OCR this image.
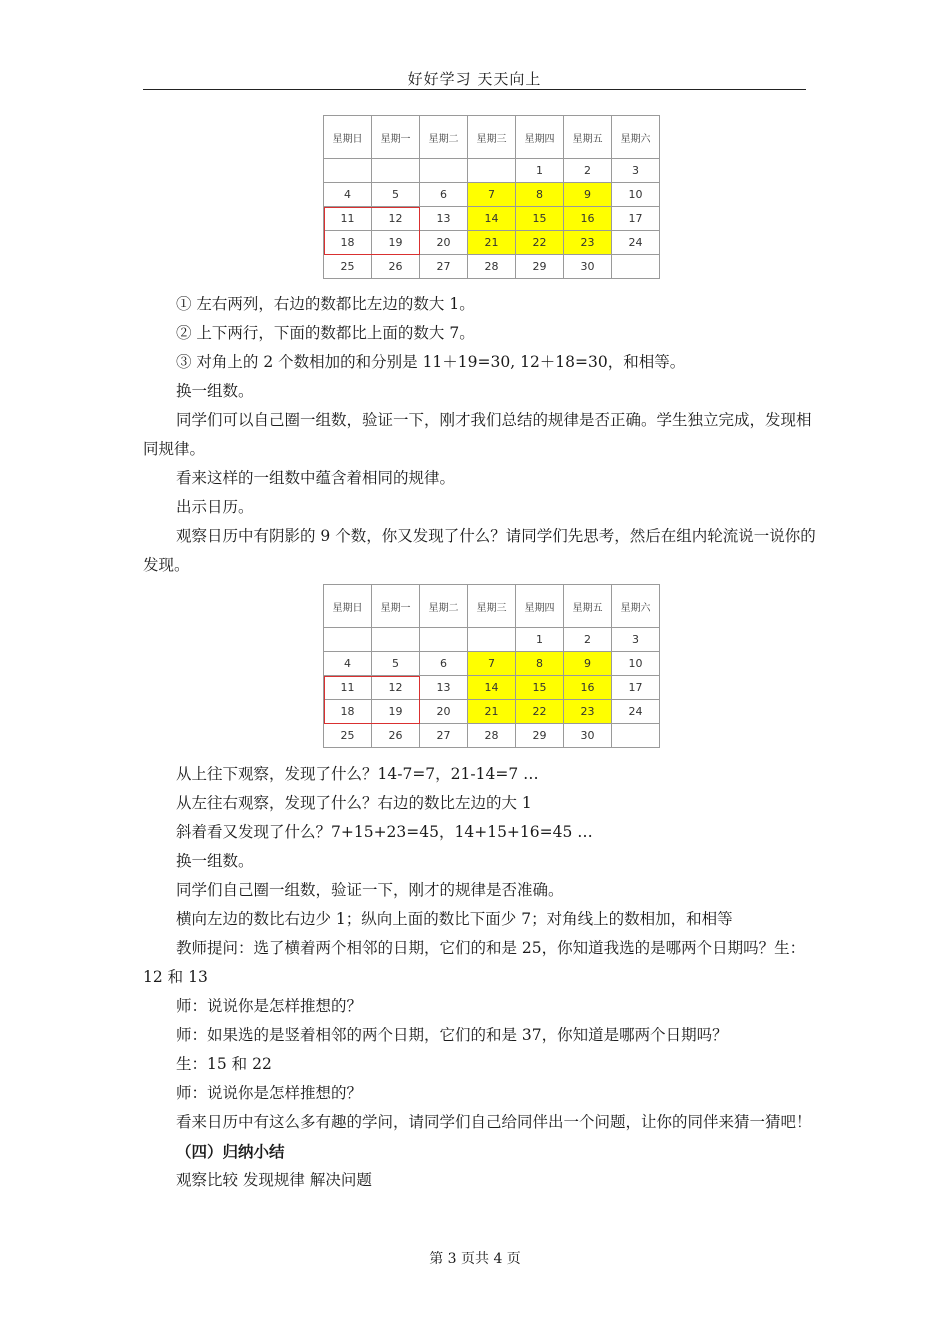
好好学习 天天向上
星期日	星期一	星期二	星期三	星期四	星期五	星期六
				1	2	3
4	5	6	7	8	9	10
11	12	13	14	15	16	17
18	19	20	21	22	23	24
25	26	27	28	29	30	

① 左右两列，右边的数都比左边的数大 1。

② 上下两行，下面的数都比上面的数大 7。

③ 对角上的 2 个数相加的和分别是 11＋19=30, 12＋18=30，和相等。

换一组数。

同学们可以自己圈一组数，验证一下，刚才我们总结的规律是否正确。学生独立完成，发现相同规律。

看来这样的一组数中蕴含着相同的规律。

出示日历。

观察日历中有阴影的 9 个数，你又发现了什么？请同学们先思考，然后在组内轮流说一说你的发现。

星期日	星期一	星期二	星期三	星期四	星期五	星期六
				1	2	3
4	5	6	7	8	9	10
11	12	13	14	15	16	17
18	19	20	21	22	23	24
25	26	27	28	29	30	

从上往下观察，发现了什么？14-7=7，21-14=7 …

从左往右观察，发现了什么？右边的数比左边的大 1

斜着看又发现了什么？7+15+23=45，14+15+16=45 …

换一组数。

同学们自己圈一组数，验证一下，刚才的规律是否准确。

横向左边的数比右边少 1；纵向上面的数比下面少 7；对角线上的数相加，和相等

教师提问：选了横着两个相邻的日期，它们的和是 25，你知道我选的是哪两个日期吗？生：12 和 13

师：说说你是怎样推想的？

师：如果选的是竖着相邻的两个日期，它们的和是 37，你知道是哪两个日期吗？

生：15 和 22

师：说说你是怎样推想的？

看来日历中有这么多有趣的学问，请同学们自己给同伴出一个问题，让你的同伴来猜一猜吧！

（四）归纳小结

观察比较 发现规律 解决问题

第 3 页共 4 页
